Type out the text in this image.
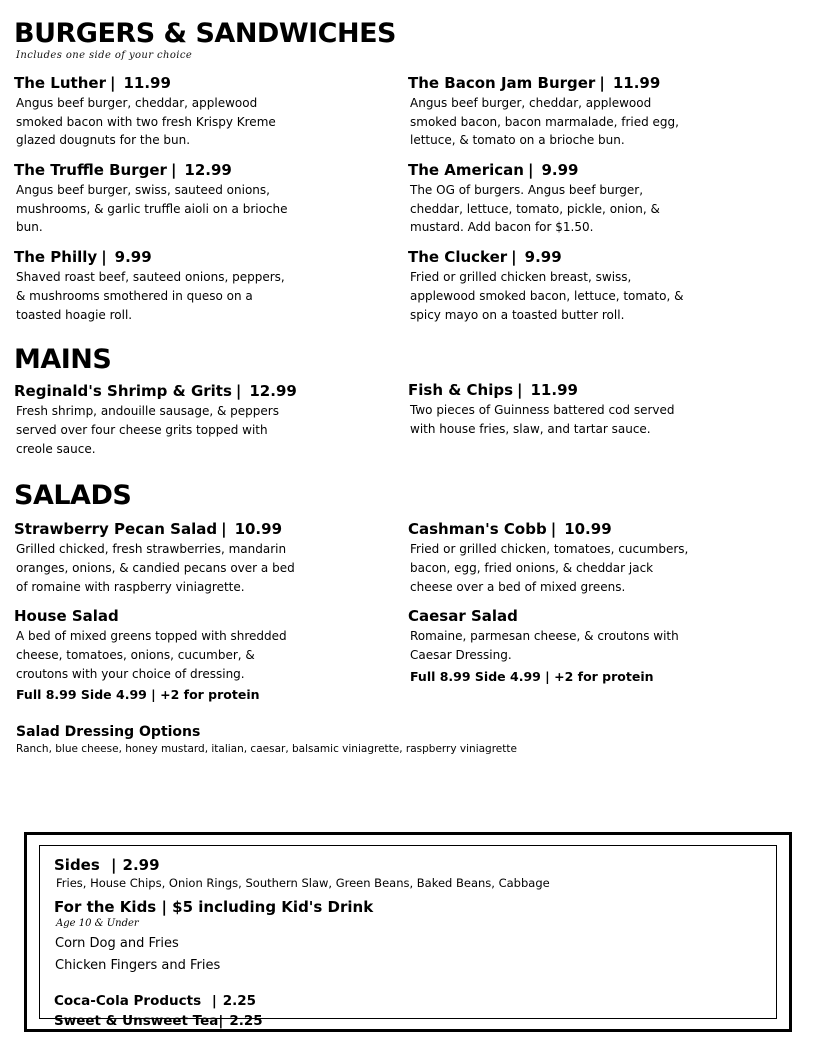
BURGERS & SANDWICHES
Includes one side of your choice
The Luther | 11.99
Angus beef burger, cheddar, applewood smoked bacon with two fresh Krispy Kreme glazed dougnuts for the bun.
The Truffle Burger | 12.99
Angus beef burger, swiss, sauteed onions, mushrooms, & garlic truffle aioli on a brioche bun.
The Philly | 9.99
Shaved roast beef, sauteed onions, peppers, & mushrooms smothered in queso on a toasted hoagie roll.
The Bacon Jam Burger | 11.99
Angus beef burger, cheddar, applewood smoked bacon, bacon marmalade, fried egg, lettuce, & tomato on a brioche bun.
The American | 9.99
The OG of burgers. Angus beef burger, cheddar, lettuce, tomato, pickle, onion, & mustard. Add bacon for $1.50.
The Clucker | 9.99
Fried or grilled chicken breast, swiss, applewood smoked bacon, lettuce, tomato, & spicy mayo on a toasted butter roll.
MAINS
Reginald's Shrimp & Grits | 12.99
Fresh shrimp, andouille sausage, & peppers served over four cheese grits topped with creole sauce.
Fish & Chips | 11.99
Two pieces of Guinness battered cod served with house fries, slaw, and tartar sauce.
SALADS
Strawberry Pecan Salad | 10.99
Grilled chicked, fresh strawberries, mandarin oranges, onions, & candied pecans over a bed of romaine with raspberry viniagrette.
House Salad
A bed of mixed greens topped with shredded cheese, tomatoes, onions, cucumber, & croutons with your choice of dressing.
Full 8.99 Side 4.99 | +2 for protein
Cashman's Cobb | 10.99
Fried or grilled chicken, tomatoes, cucumbers, bacon, egg, fried onions, & cheddar jack cheese over a bed of mixed greens.
Caesar Salad
Romaine, parmesan cheese, & croutons with Caesar Dressing.
Full 8.99 Side 4.99 | +2 for protein
Salad Dressing Options
Ranch, blue cheese, honey mustard, italian, caesar, balsamic viniagrette, raspberry viniagrette
Sides | 2.99
Fries, House Chips, Onion Rings, Southern Slaw, Green Beans, Baked Beans, Cabbage
For the Kids | $5 including Kid's Drink
Age 10 & Under
Corn Dog and Fries
Chicken Fingers and Fries
Coca-Cola Products | 2.25
Sweet & Unsweet Tea| 2.25
